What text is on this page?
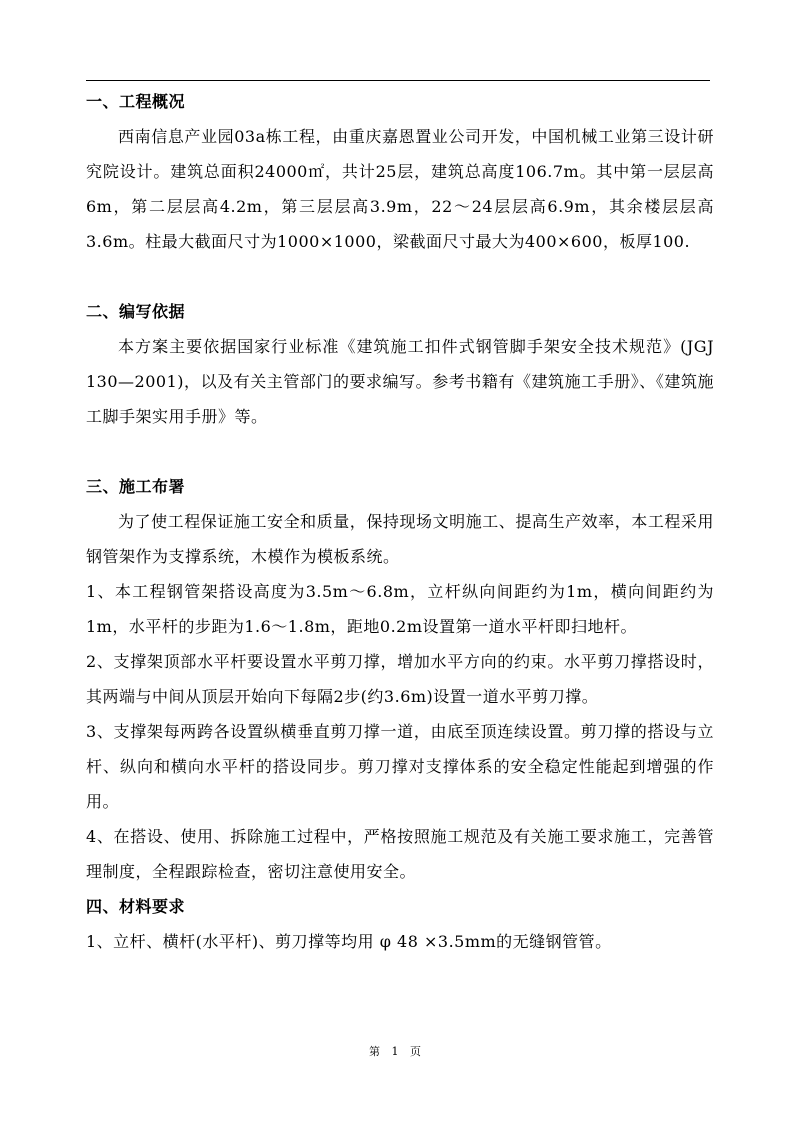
一、工程概况

西南信息产业园03a栋工程，由重庆嘉恩置业公司开发，中国机械工业第三设计研究院设计。建筑总面积24000㎡，共计25层，建筑总高度106.7m。其中第一层层高6m，第二层层高4.2m，第三层层高3.9m，22～24层层高6.9m，其余楼层层高3.6m。柱最大截面尺寸为1000×1000，梁截面尺寸最大为400×600，板厚100.

二、编写依据

本方案主要依据国家行业标准《建筑施工扣件式钢管脚手架安全技术规范》(JGJ 130—2001)，以及有关主管部门的要求编写。参考书籍有《建筑施工手册》、《建筑施工脚手架实用手册》等。

三、施工布署

为了使工程保证施工安全和质量，保持现场文明施工、提高生产效率，本工程采用钢管架作为支撑系统，木模作为模板系统。

1、本工程钢管架搭设高度为3.5m～6.8m，立杆纵向间距约为1m，横向间距约为1m，水平杆的步距为1.6～1.8m，距地0.2m设置第一道水平杆即扫地杆。

2、支撑架顶部水平杆要设置水平剪刀撑，增加水平方向的约束。水平剪刀撑搭设时，其两端与中间从顶层开始向下每隔2步(约3.6m)设置一道水平剪刀撑。

3、支撑架每两跨各设置纵横垂直剪刀撑一道，由底至顶连续设置。剪刀撑的搭设与立杆、纵向和横向水平杆的搭设同步。剪刀撑对支撑体系的安全稳定性能起到增强的作用。

4、在搭设、使用、拆除施工过程中，严格按照施工规范及有关施工要求施工，完善管理制度，全程跟踪检查，密切注意使用安全。

四、材料要求

1、立杆、横杆(水平杆)、剪刀撑等均用 φ 48 ×3.5mm的无缝钢管管。

第 1 页
